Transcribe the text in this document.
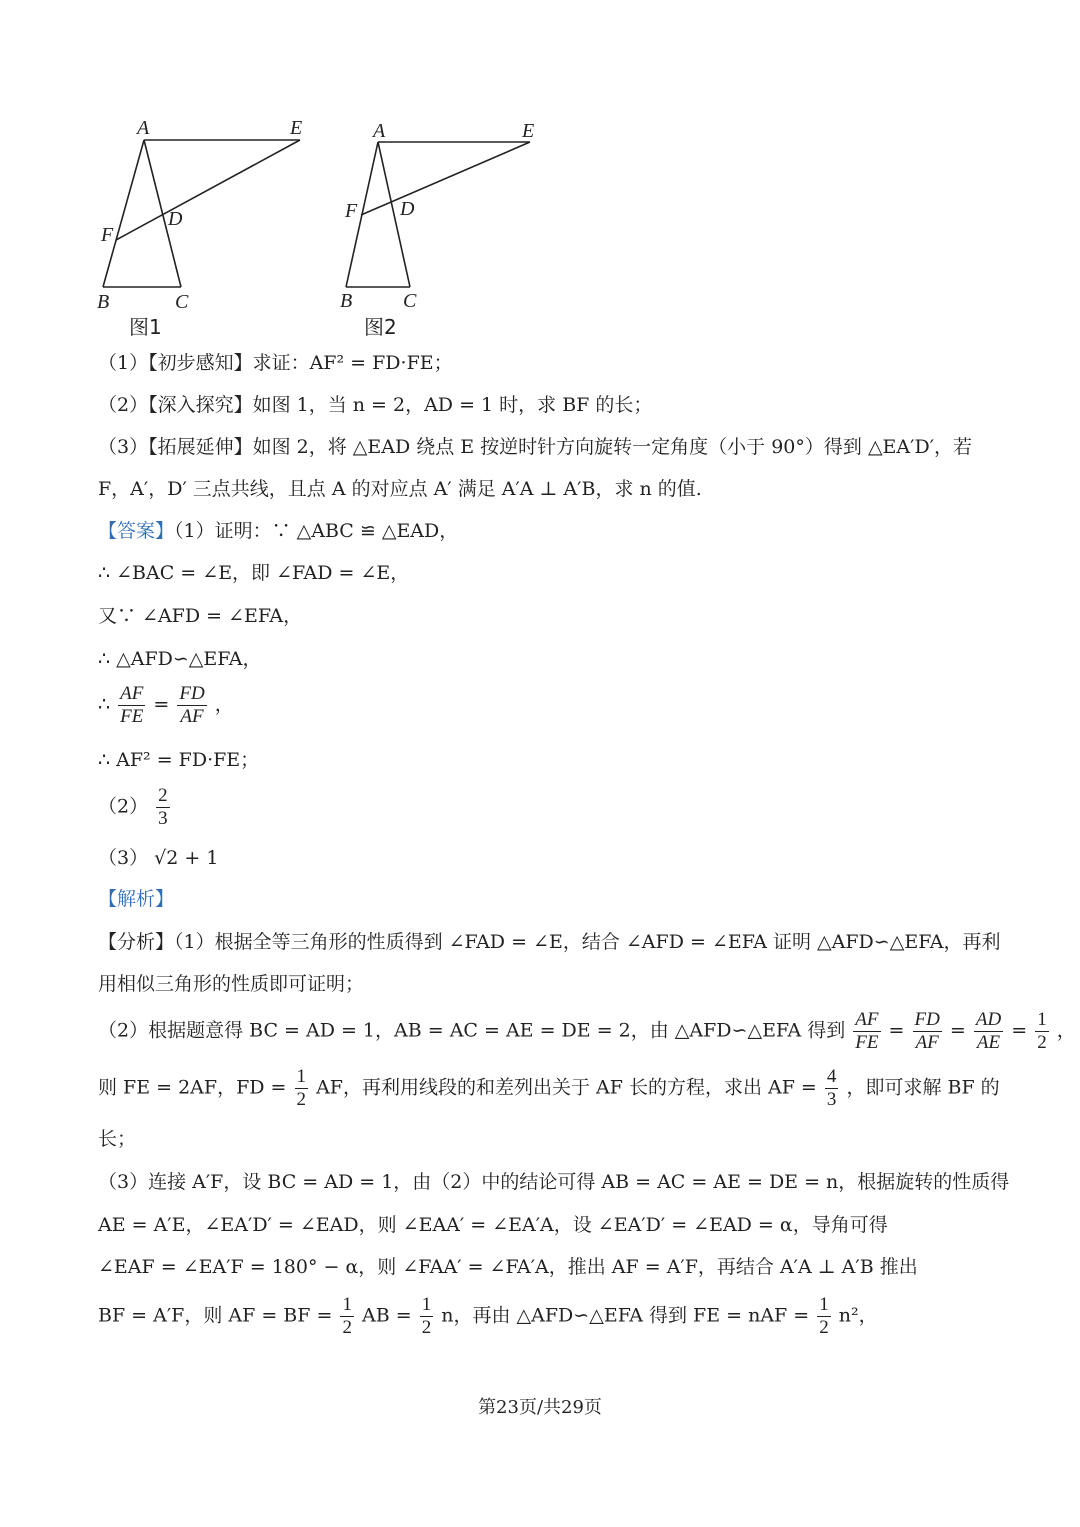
A	E
D
F
B	C
图1
A	E
D
F
B	C
图2
（1）【初步感知】求证：AF² = FD·FE；
（2）【深入探究】如图 1，当 n = 2，AD = 1 时，求 BF 的长；
（3）【拓展延伸】如图 2，将 △EAD 绕点 E 按逆时针方向旋转一定角度（小于 90°）得到 △EA′D′，若
F，A′，D′ 三点共线，且点 A 的对应点 A′ 满足 A′A ⊥ A′B，求 n 的值.
【答案】（1）证明：∵ △ABC ≌ △EAD，
∴ ∠BAC = ∠E，即 ∠FAD = ∠E，
又∵ ∠AFD = ∠EFA，
∴ △AFD∽△EFA，
∴ $\frac{AF}{FE} = \frac{FD}{AF}$ ，
∴ AF² = FD·FE；
$(2) \frac{2}{3}$
（3） √2 + 1
【解析】
【分析】（1）根据全等三角形的性质得到 ∠FAD = ∠E，结合 ∠AFD = ∠EFA 证明 △AFD∽△EFA，再利
用相似三角形的性质即可证明；
（2）根据题意得 BC = AD = 1，AB = AC = AE = DE = 2，由 △AFD∽△EFA 得到 $\frac{AF}{FE} = \frac{FD}{AF} = \frac{AD}{AE} = \frac{1}{2}$ ，
则 FE = 2AF，FD = $\frac{1}{2}$ AF，再利用线段的和差列出关于 AF 长的方程，求出 AF = $\frac{4}{3}$ ，即可求解 BF 的
长；
（3）连接 A′F，设 BC = AD = 1，由（2）中的结论可得 AB = AC = AE = DE = n，根据旋转的性质得
AE = A′E，∠EA′D′ = ∠EAD，则 ∠EAA′ = ∠EA′A，设 ∠EA′D′ = ∠EAD = α，导角可得
∠EAF = ∠EA′F = 180° − α，则 ∠FAA′ = ∠FA′A，推出 AF = A′F，再结合 A′A ⊥ A′B 推出
BF = A′F，则 AF = BF = $\frac{1}{2}$ AB = $\frac{1}{2}$ n，再由 △AFD∽△EFA 得到 FE = nAF = $\frac{1}{2} n^2$，
第23页/共29页
